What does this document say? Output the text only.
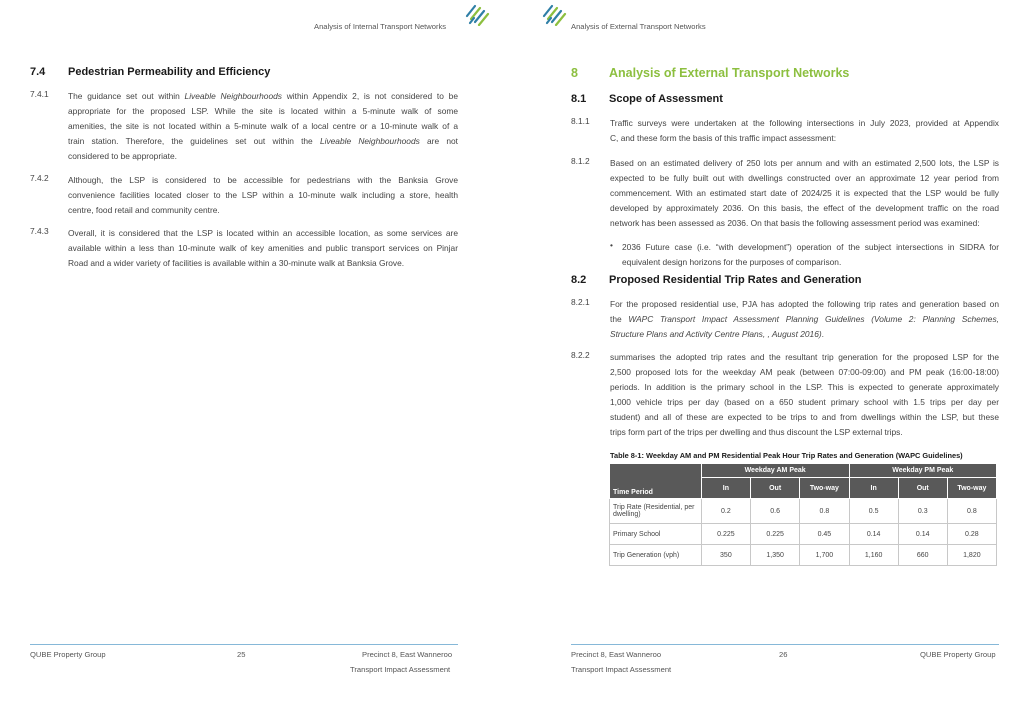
Analysis of Internal Transport Networks
7.4 Pedestrian Permeability and Efficiency
7.4.1 The guidance set out within Liveable Neighbourhoods within Appendix 2, is not considered to be
appropriate for the proposed LSP. While the site is located within a 5-minute walk of some
amenities, the site is not located within a 5-minute walk of a local centre or a 10-minute walk of a
train station. Therefore, the guidelines set out within the Liveable Neighbourhoods are not
considered to be appropriate.
7.4.2 Although, the LSP is considered to be accessible for pedestrians with the Banksia Grove
convenience facilities located closer to the LSP within a 10-minute walk including a store, health
centre, food retail and community centre.
7.4.3 Overall, it is considered that the LSP is located within an accessible location, as some services are
available within a less than 10-minute walk of key amenities and public transport services on Pinjar
Road and a wider variety of facilities is available within a 30-minute walk at Banksia Grove.
QUBE Property Group	25	Precinct 8, East Wanneroo
Transport Impact Assessment
Analysis of External Transport Networks
8 Analysis of External Transport Networks
8.1 Scope of Assessment
8.1.1 Traffic surveys were undertaken at the following intersections in July 2023, provided at Appendix
C, and these form the basis of this traffic impact assessment:
8.1.2 Based on an estimated delivery of 250 lots per annum and with an estimated 2,500 lots, the LSP is
expected to be fully built out with dwellings constructed over an approximate 12 year period from
commencement. With an estimated start date of 2024/25 it is expected that the LSP would be fully
developed by approximately 2036. On this basis, the effect of the development traffic on the road
network has been assessed as 2036. On that basis the following assessment period was examined:
• 2036 Future case (i.e. “with development”) operation of the subject intersections in SIDRA for
equivalent design horizons for the purposes of comparison.
8.2.1 For the proposed residential use, PJA has adopted the following trip rates and generation based on
the WAPC Transport Impact Assessment Planning Guidelines (Volume 2: Planning Schemes,
Structure Plans and Activity Centre Plans, , August 2016).
8.2.2 summarises the adopted trip rates and the resultant trip generation for the proposed LSP for the
2,500 proposed lots for the weekday AM peak (between 07:00-09:00) and PM peak (16:00-18:00)
periods. In addition is the primary school in the LSP. This is expected to generate approximately
1,000 vehicle trips per day (based on a 650 student primary school with 1.5 trips per day per
student) and all of these are expected to be trips to and from dwellings within the LSP, but these
trips form part of the trips per dwelling and thus discount the LSP external trips.
8.2 Proposed Residential Trip Rates and Generation
Table 8-1: Weekday AM and PM Residential Peak Hour Trip Rates and Generation (WAPC Guidelines)
Time Period	Weekday AM Peak			Weekday PM Peak		
	In	Out	Two-way	In	Out	Two-way
Trip Rate (Residential, per dwelling)	0.2	0.6	0.8	0.5	0.3	0.8
Primary School	0.225	0.225	0.45	0.14	0.14	0.28
Trip Generation (vph)	350	1,350	1,700	1,160	660	1,820
Precinct 8, East Wanneroo
Transport Impact Assessment
26	QUBE Property Group
